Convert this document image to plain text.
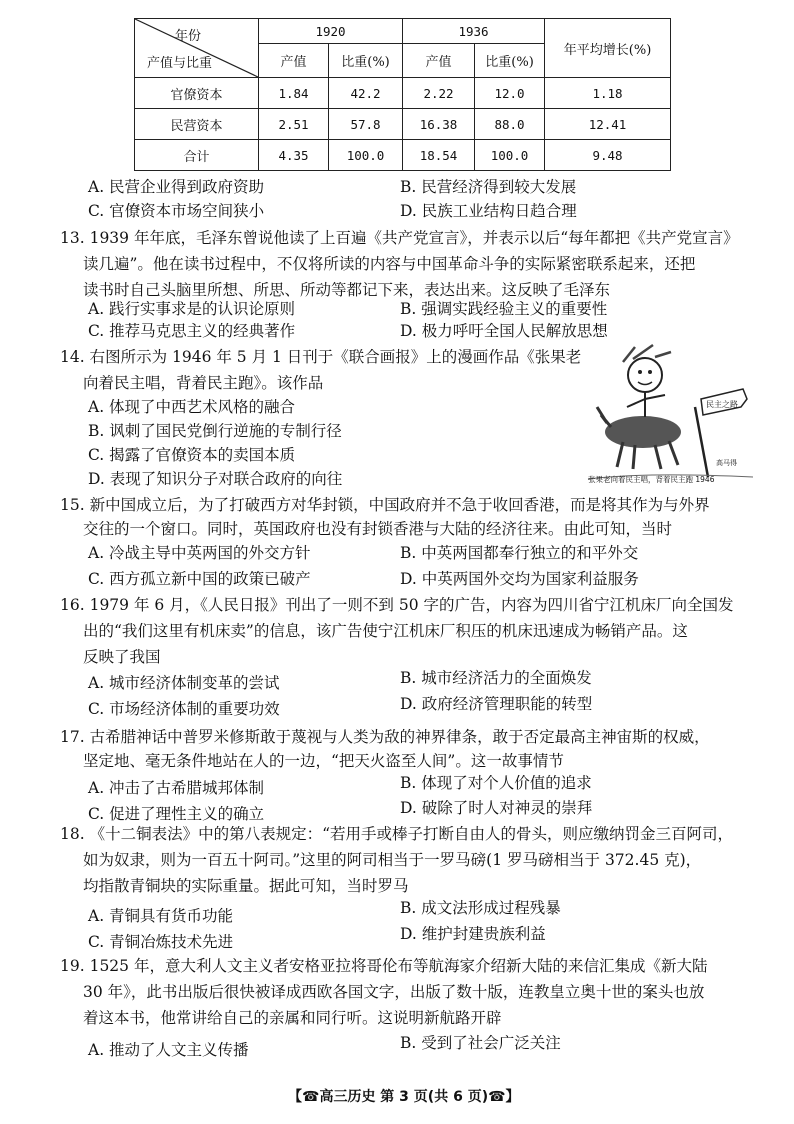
年份
产值与比重	1920		1936		年平均增长(%)
	产值	比重(%)	产值	比重(%)	
官僚资本	1.84	42.2	2.22	12.0	1.18
民营资本	2.51	57.8	16.38	88.0	12.41
合计	4.35	100.0	18.54	100.0	9.48
A. 民营企业得到政府资助	B. 民营经济得到较大发展
C. 官僚资本市场空间狭小	D. 民族工业结构日趋合理
13. 1939 年年底，毛泽东曾说他读了上百遍《共产党宣言》，并表示以后“每年都把《共产党宣言》
读几遍”。他在读书过程中，不仅将所读的内容与中国革命斗争的实际紧密联系起来，还把
读书时自己头脑里所想、所思、所动等都记下来，表达出来。这反映了毛泽东
A. 践行实事求是的认识论原则	B. 强调实践经验主义的重要性
C. 推荐马克思主义的经典著作	D. 极力呼吁全国人民解放思想
14. 右图所示为 1946 年 5 月 1 日刊于《联合画报》上的漫画作品《张果老
向着民主唱，背着民主跑》。该作品
A. 体现了中西艺术风格的融合
B. 讽刺了国民党倒行逆施的专制行径
C. 揭露了官僚资本的卖国本质
D. 表现了知识分子对联合政府的向往
民主之路
高马得
张果老向着民主唱，背着民主跑 1946
15. 新中国成立后，为了打破西方对华封锁，中国政府并不急于收回香港，而是将其作为与外界
交往的一个窗口。同时，英国政府也没有封锁香港与大陆的经济往来。由此可知，当时
A. 冷战主导中英两国的外交方针	B. 中英两国都奉行独立的和平外交
C. 西方孤立新中国的政策已破产	D. 中英两国外交均为国家利益服务
16. 1979 年 6 月，《人民日报》刊出了一则不到 50 字的广告，内容为四川省宁江机床厂向全国发
出的“我们这里有机床卖”的信息，该广告使宁江机床厂积压的机床迅速成为畅销产品。这
反映了我国
A. 城市经济体制变革的尝试	B. 城市经济活力的全面焕发
C. 市场经济体制的重要功效	D. 政府经济管理职能的转型
17. 古希腊神话中普罗米修斯敢于蔑视与人类为敌的神界律条，敢于否定最高主神宙斯的权威，
坚定地、毫无条件地站在人的一边，“把天火盗至人间”。这一故事情节
A. 冲击了古希腊城邦体制	B. 体现了对个人价值的追求
C. 促进了理性主义的确立	D. 破除了时人对神灵的崇拜
18. 《十二铜表法》中的第八表规定：“若用手或棒子打断自由人的骨头，则应缴纳罚金三百阿司，
如为奴隶，则为一百五十阿司。”这里的阿司相当于一罗马磅(1 罗马磅相当于 372.45 克)，
均指散青铜块的实际重量。据此可知，当时罗马
A. 青铜具有货币功能	B. 成文法形成过程残暴
C. 青铜冶炼技术先进	D. 维护封建贵族利益
19. 1525 年，意大利人文主义者安格亚拉将哥伦布等航海家介绍新大陆的来信汇集成《新大陆
30 年》，此书出版后很快被译成西欧各国文字，出版了数十版，连教皇立奥十世的案头也放
着这本书，他常讲给自己的亲属和同行听。这说明新航路开辟
A. 推动了人文主义传播	B. 受到了社会广泛关注
【☎高三历史 第 3 页(共 6 页)☎】
